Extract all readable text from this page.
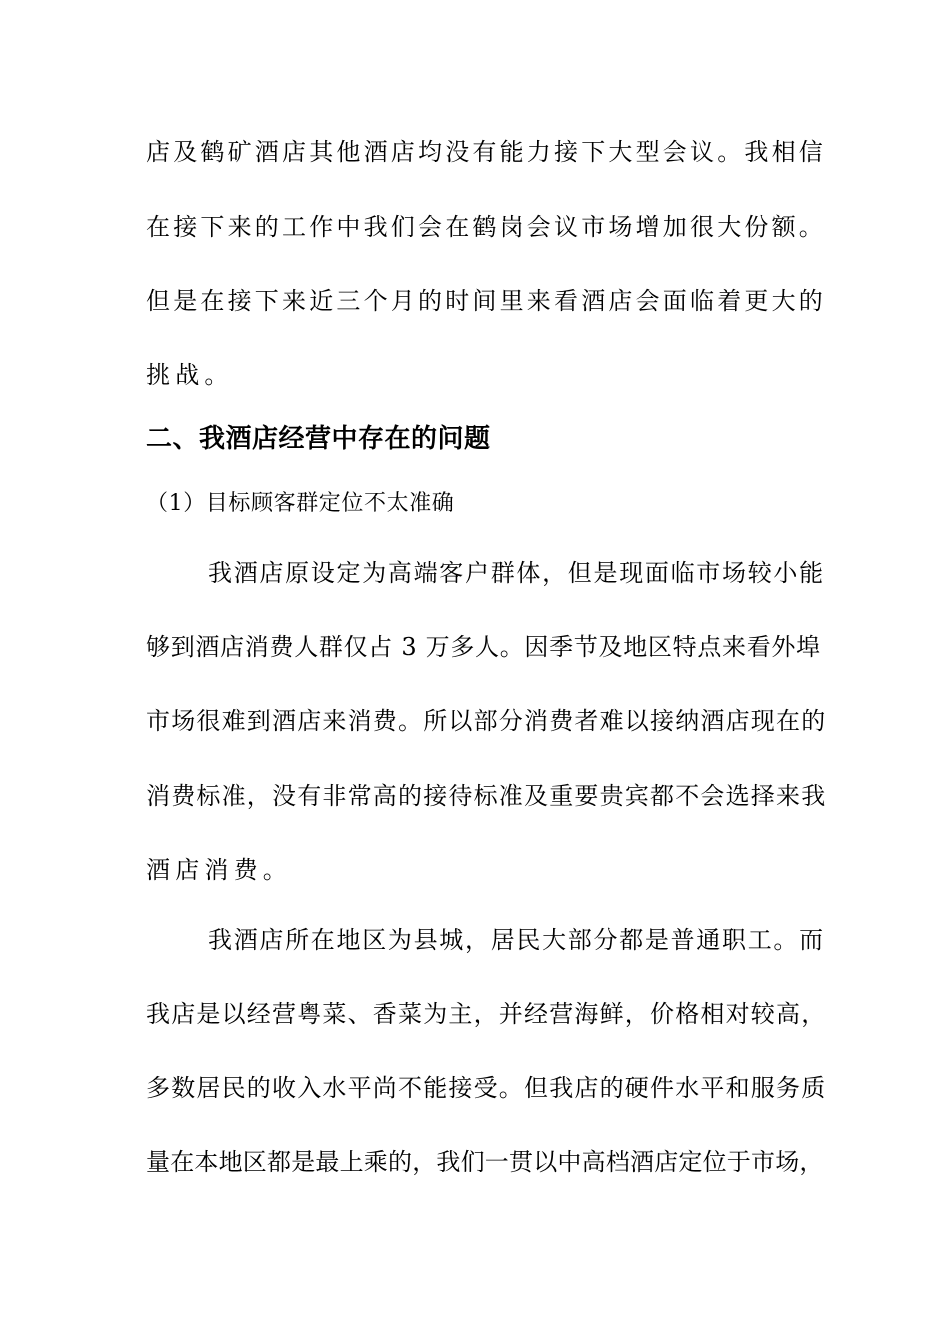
店及鹤矿酒店其他酒店均没有能力接下大型会议。我相信
在接下来的工作中我们会在鹤岗会议市场增加很大份额。
但是在接下来近三个月的时间里来看酒店会面临着更大的
挑战。
二、我酒店经营中存在的问题
（1）目标顾客群定位不太准确
我酒店原设定为高端客户群体，但是现面临市场较小能
够到酒店消费人群仅占 3 万多人。因季节及地区特点来看外埠
市场很难到酒店来消费。所以部分消费者难以接纳酒店现在的
消费标准，没有非常高的接待标准及重要贵宾都不会选择来我
酒店消费。
我酒店所在地区为县城，居民大部分都是普通职工。而
我店是以经营粤菜、香菜为主，并经营海鲜，价格相对较高，
多数居民的收入水平尚不能接受。但我店的硬件水平和服务质
量在本地区都是最上乘的，我们一贯以中高档酒店定位于市场，
